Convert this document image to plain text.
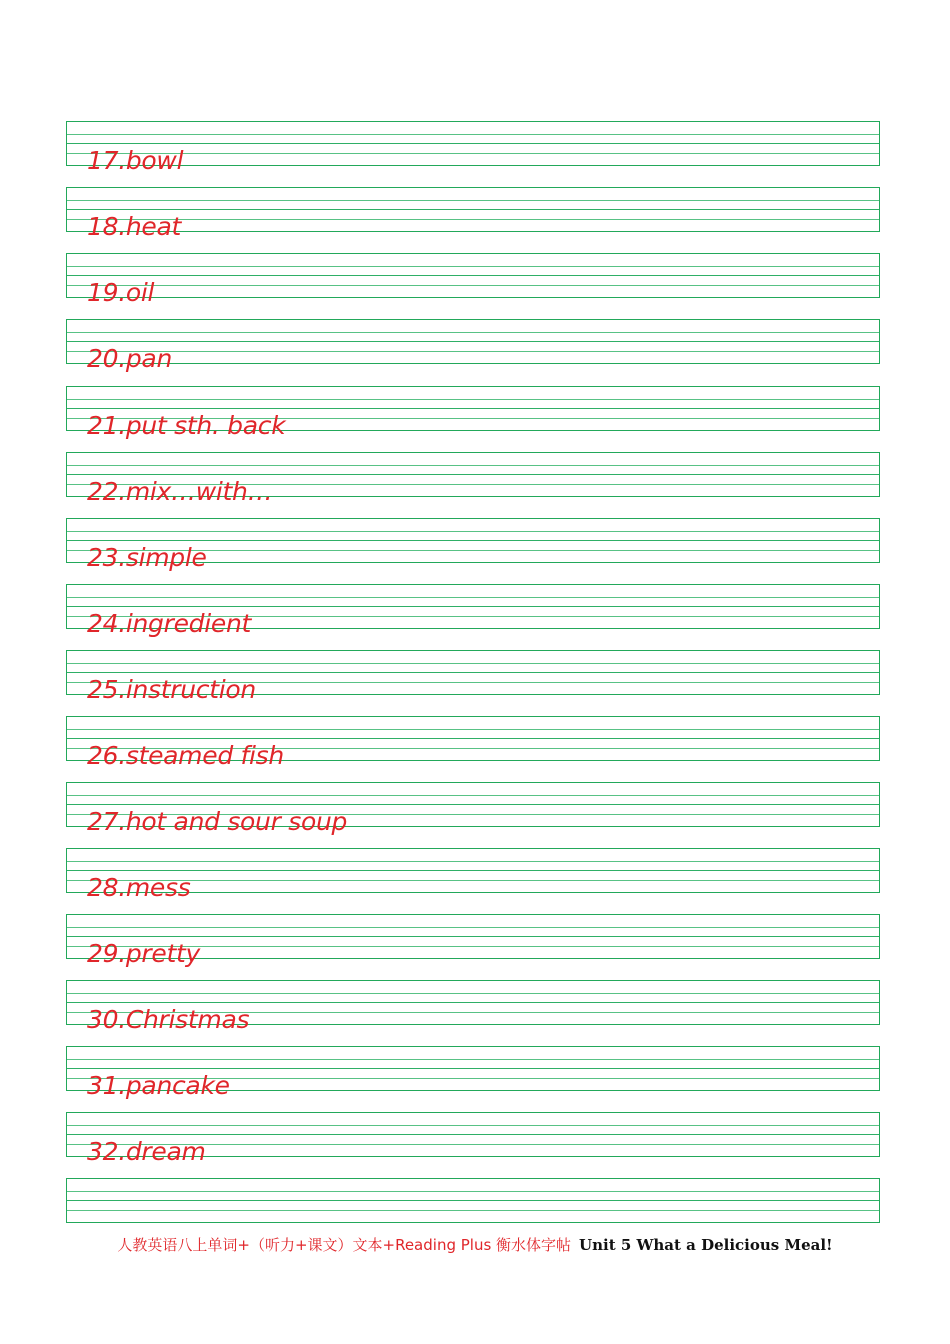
17.bowl
18.heat
19.oil
20.pan
21.put sth. back
22.mix…with…
23.simple
24.ingredient
25.instruction
26.steamed fish
27.hot and sour soup
28.mess
29.pretty
30.Christmas
31.pancake
32.dream
人教英语八上单词+（听力+课文）文本+Reading Plus 衡水体字帖 Unit 5 What a Delicious Meal!
